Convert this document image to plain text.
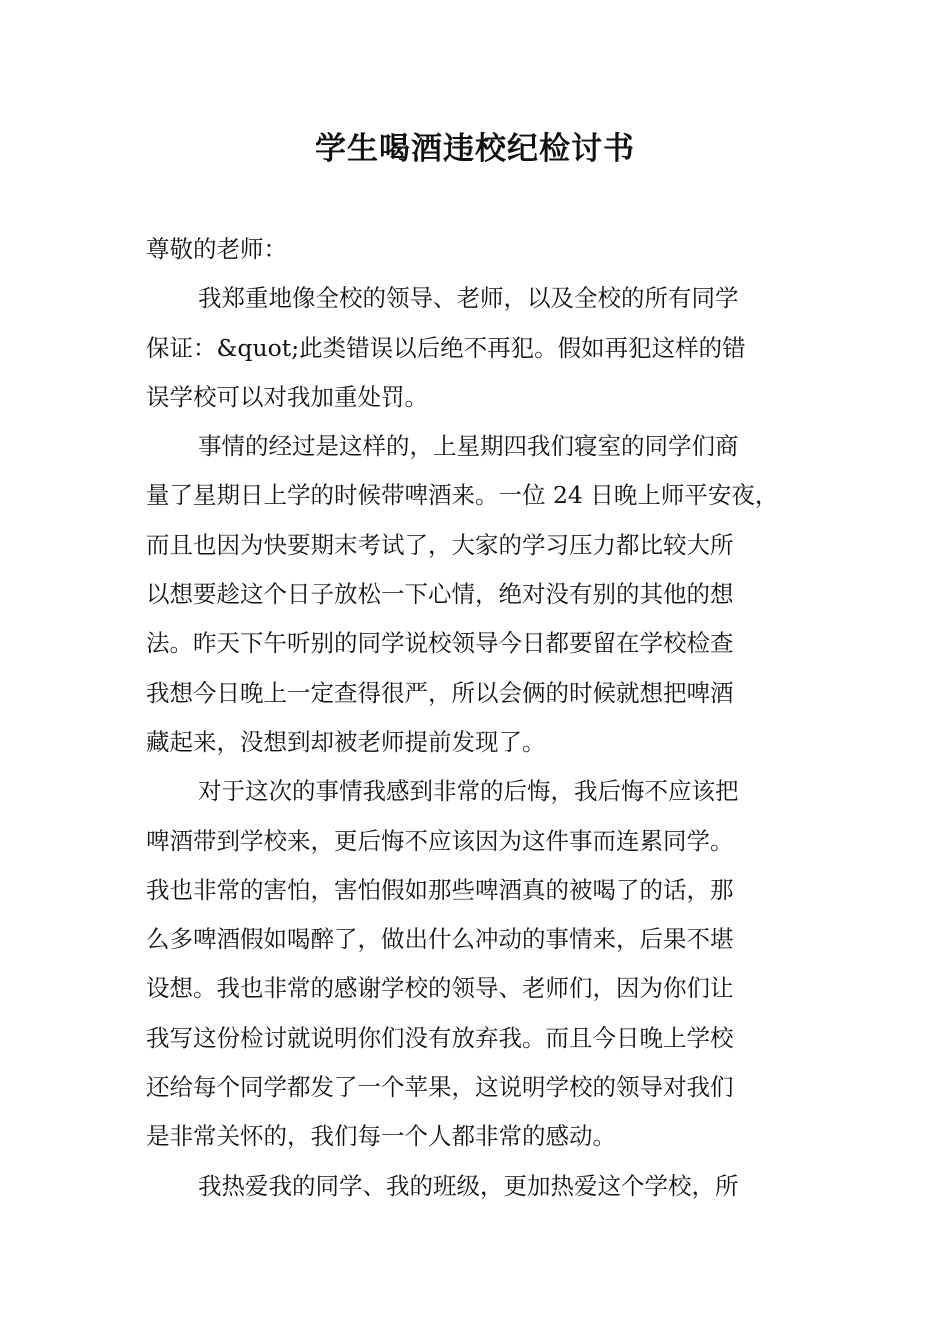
学生喝酒违校纪检讨书
尊敬的老师：
我郑重地像全校的领导、老师，以及全校的所有同学
保证：&quot;此类错误以后绝不再犯。假如再犯这样的错
误学校可以对我加重处罚。
事情的经过是这样的，上星期四我们寝室的同学们商
量了星期日上学的时候带啤酒来。一位 24 日晚上师平安夜，
而且也因为快要期末考试了，大家的学习压力都比较大所
以想要趁这个日子放松一下心情，绝对没有别的其他的想
法。昨天下午听别的同学说校领导今日都要留在学校检查
我想今日晚上一定查得很严，所以会俩的时候就想把啤酒
藏起来，没想到却被老师提前发现了。
对于这次的事情我感到非常的后悔，我后悔不应该把
啤酒带到学校来，更后悔不应该因为这件事而连累同学。
我也非常的害怕，害怕假如那些啤酒真的被喝了的话，那
么多啤酒假如喝醉了，做出什么冲动的事情来，后果不堪
设想。我也非常的感谢学校的领导、老师们，因为你们让
我写这份检讨就说明你们没有放弃我。而且今日晚上学校
还给每个同学都发了一个苹果，这说明学校的领导对我们
是非常关怀的，我们每一个人都非常的感动。
我热爱我的同学、我的班级，更加热爱这个学校，所
